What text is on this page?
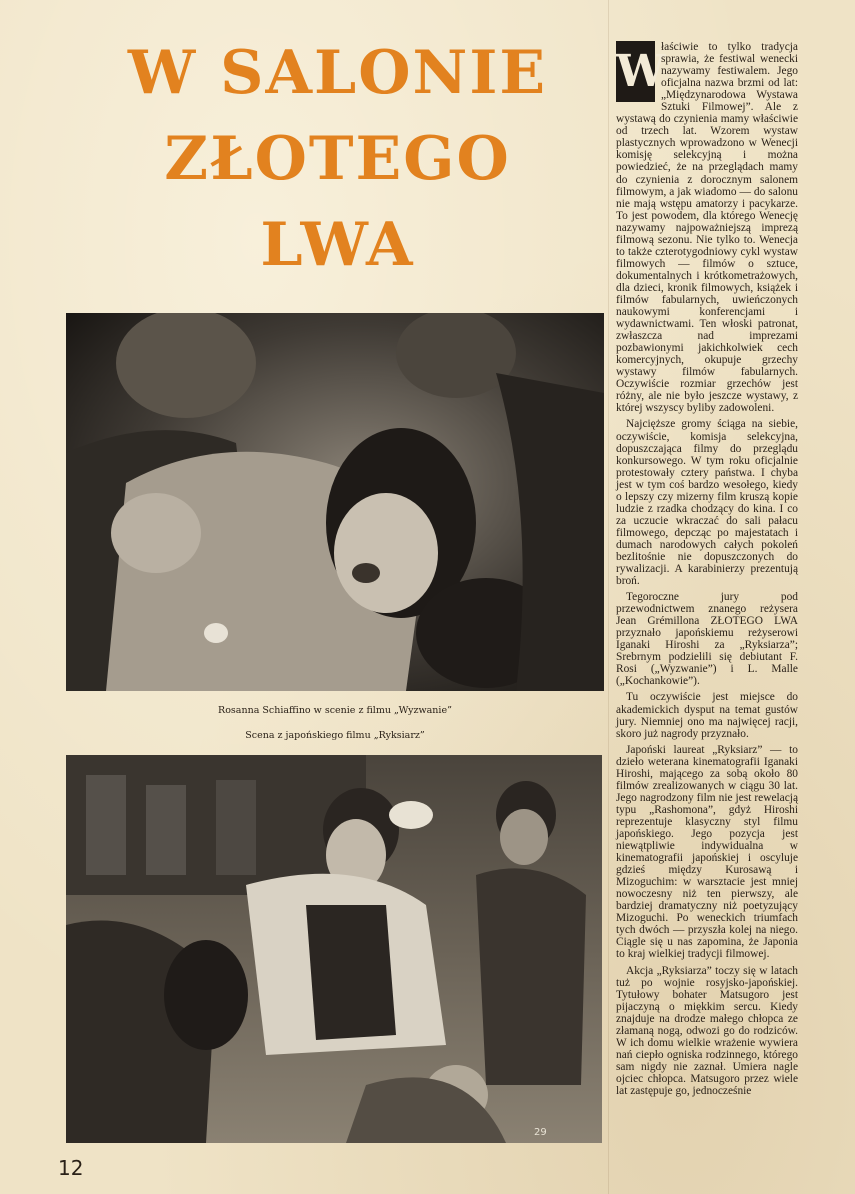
W SALONIE
ZŁOTEGO
LWA
Rosanna Schiaffino w scenie z filmu „Wyzwanie”
Scena z japońskiego filmu „Ryksiarz”
29
12
W

łaściwie to tylko tradycja sprawia, że festiwal wenecki nazywamy festiwalem. Jego oficjalna nazwa brzmi od lat: „Międzynarodowa Wystawa Sztuki Filmowej”. Ale z wystawą do czynienia mamy właściwie od trzech lat. Wzorem wystaw plastycznych wprowadzono w Wenecji komisję selekcyjną i można powiedzieć, że na przeglądach mamy do czynienia z dorocznym salonem filmowym, a jak wiadomo — do salonu nie mają wstępu amatorzy i pacykarze. To jest powodem, dla którego Wenecję nazywamy najpoważniejszą imprezą filmową sezonu. Nie tylko to. Wenecja to także czterotygodniowy cykl wystaw filmowych — filmów o sztuce, dokumentalnych i krótkometrażowych, dla dzieci, kronik filmowych, książek i filmów fabularnych, uwieńczonych naukowymi konferencjami i wydawnictwami. Ten włoski patronat, zwłaszcza nad imprezami pozbawionymi jakichkolwiek cech komercyjnych, okupuje grzechy wystawy filmów fabularnych. Oczywiście rozmiar grzechów jest różny, ale nie było jeszcze wystawy, z której wszyscy byliby zadowoleni.

Najcięższe gromy ściąga na siebie, oczywiście, komisja selekcyjna, dopuszczająca filmy do przeglądu konkursowego. W tym roku oficjalnie protestowały cztery państwa. I chyba jest w tym coś bardzo wesołego, kiedy o lepszy czy mizerny film kruszą kopie ludzie z rzadka chodzący do kina. I co za uczucie wkraczać do sali pałacu filmowego, depcząc po majestatach i dumach narodowych całych pokoleń bezlitośnie nie dopuszczonych do rywalizacji. A karabinierzy prezentują broń.

Tegoroczne jury pod przewodnictwem znanego reżysera Jean Grémillona ZŁOTEGO LWA przyznało japońskiemu reżyserowi Iganaki Hiroshi za „Ryksiarza”; Srebrnym podzielili się debiutant F. Rosi („Wyzwanie”) i L. Malle („Kochankowie”).

Tu oczywiście jest miejsce do akademickich dysput na temat gustów jury. Niemniej ono ma najwięcej racji, skoro już nagrody przyznało.

Japoński laureat „Ryksiarz” — to dzieło weterana kinematografii Iganaki Hiroshi, mającego za sobą około 80 filmów zrealizowanych w ciągu 30 lat. Jego nagrodzony film nie jest rewelacją typu „Rashomona”, gdyż Hiroshi reprezentuje klasyczny styl filmu japońskiego. Jego pozycja jest niewątpliwie indywidualna w kinematografii japońskiej i oscyluje gdzieś między Kurosawą i Mizoguchim: w warsztacie jest mniej nowoczesny niż ten pierwszy, ale bardziej dramatyczny niż poetyzujący Mizoguchi. Po weneckich triumfach tych dwóch — przyszła kolej na niego. Ciągle się u nas zapomina, że Japonia to kraj wielkiej tradycji filmowej.

Akcja „Ryksiarza” toczy się w latach tuż po wojnie rosyjsko-japońskiej. Tytułowy bohater Matsugoro jest pijaczyną o miękkim sercu. Kiedy znajduje na drodze małego chłopca ze złamaną nogą, odwozi go do rodziców. W ich domu wielkie wrażenie wywiera nań ciepło ogniska rodzinnego, którego sam nigdy nie zaznał. Umiera nagle ojciec chłopca. Matsugoro przez wiele lat zastępuje go, jednocześnie
